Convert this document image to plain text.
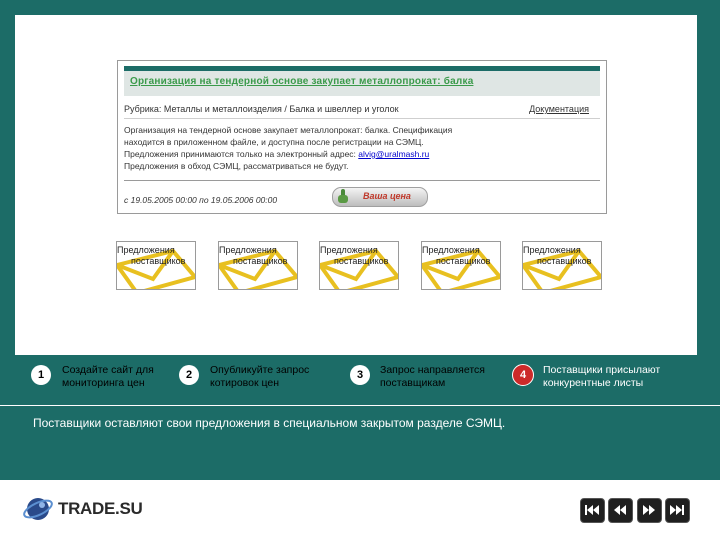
Организация на тендерной основе закупает металлопрокат: балка
Рубрика: Металлы и металлоизделия / Балка и швеллер и уголок	Документация
Организация на тендерной основе закупает металлопрокат: балка. Спецификация
находится в приложенном файле, и доступна после регистрации на СЭМЦ.
Предложения принимаются только на электронный адрес: alvig@uralmash.ru
Предложения в обход СЭМЦ, рассматриваться не будут.
с 19.05.2005 00:00 по 19.05.2006 00:00	Ваша цена
Предложения
поставщиков
Предложения
поставщиков
Предложения
поставщиков
Предложения
поставщиков
Предложения
поставщиков
1	Создайте сайт для мониторинга цен
2	Опубликуйте запрос котировок цен
3	Запрос направляется поставщикам
4	Поставщики присылают конкурентные листы
Поставщики оставляют свои предложения в специальном закрытом разделе СЭМЦ.
TRADE.SU
